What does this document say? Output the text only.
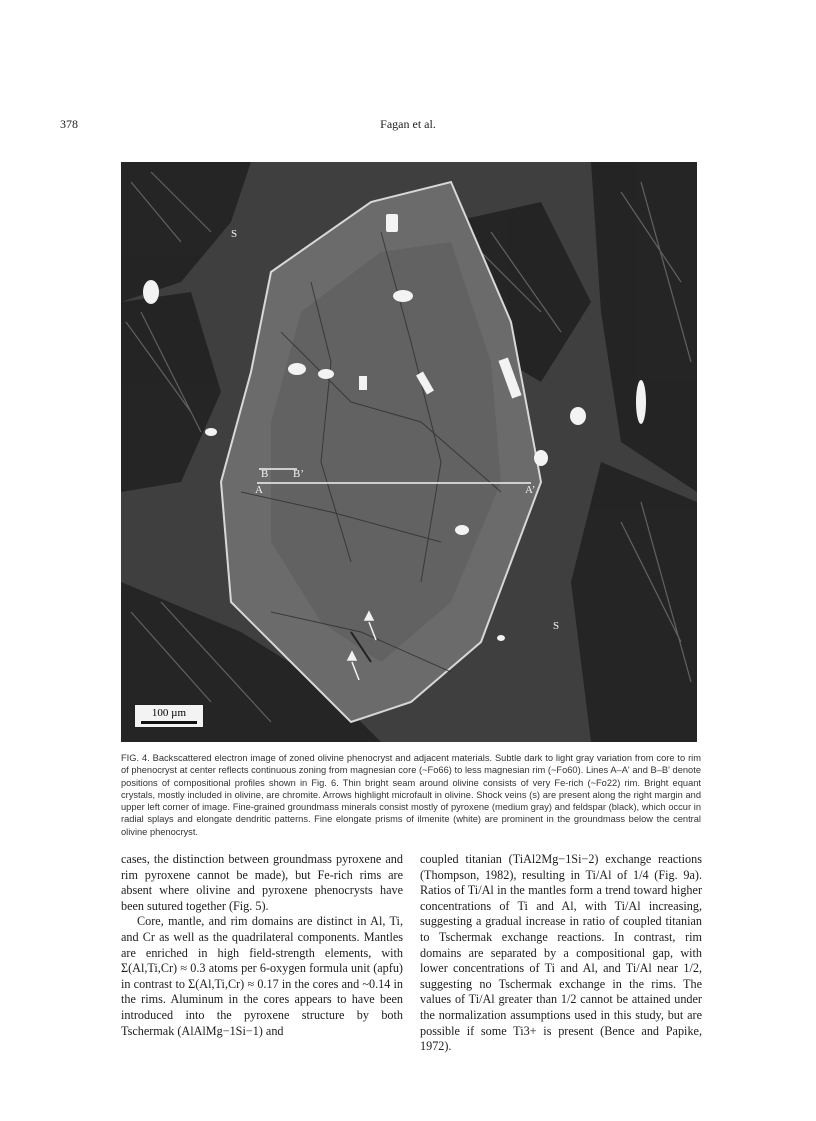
378	Fagan et al.
S
S
B B’
A	A’
100 µm
FIG. 4. Backscattered electron image of zoned olivine phenocryst and adjacent materials. Subtle dark to light gray variation from core to rim of phenocryst at center reflects continuous zoning from magnesian core (~Fo66) to less magnesian rim (~Fo60). Lines A–A' and B–B' denote positions of compositional profiles shown in Fig. 6. Thin bright seam around olivine consists of very Fe-rich (~Fo22) rim. Bright equant crystals, mostly included in olivine, are chromite. Arrows highlight microfault in olivine. Shock veins (s) are present along the right margin and upper left corner of image. Fine-grained groundmass minerals consist mostly of pyroxene (medium gray) and feldspar (black), which occur in radial splays and elongate dendritic patterns. Fine elongate prisms of ilmenite (white) are prominent in the groundmass below the central olivine phenocryst.

cases, the distinction between groundmass pyroxene and rim pyroxene cannot be made), but Fe-rich rims are absent where olivine and pyroxene phenocrysts have been sutured together (Fig. 5).

Core, mantle, and rim domains are distinct in Al, Ti, and Cr as well as the quadrilateral components. Mantles are enriched in high field-strength elements, with Σ(Al,Ti,Cr) ≈ 0.3 atoms per 6-oxygen formula unit (apfu) in contrast to Σ(Al,Ti,Cr) ≈ 0.17 in the cores and ~0.14 in the rims. Aluminum in the cores appears to have been introduced into the pyroxene structure by both Tschermak (AlAlMg−1Si−1) and

coupled titanian (TiAl2Mg−1Si−2) exchange reactions (Thompson, 1982), resulting in Ti/Al of 1/4 (Fig. 9a). Ratios of Ti/Al in the mantles form a trend toward higher concentrations of Ti and Al, with Ti/Al increasing, suggesting a gradual increase in ratio of coupled titanian to Tschermak exchange reactions. In contrast, rim domains are separated by a compositional gap, with lower concentrations of Ti and Al, and Ti/Al near 1/2, suggesting no Tschermak exchange in the rims. The values of Ti/Al greater than 1/2 cannot be attained under the normalization assumptions used in this study, but are possible if some Ti3+ is present (Bence and Papike, 1972).
